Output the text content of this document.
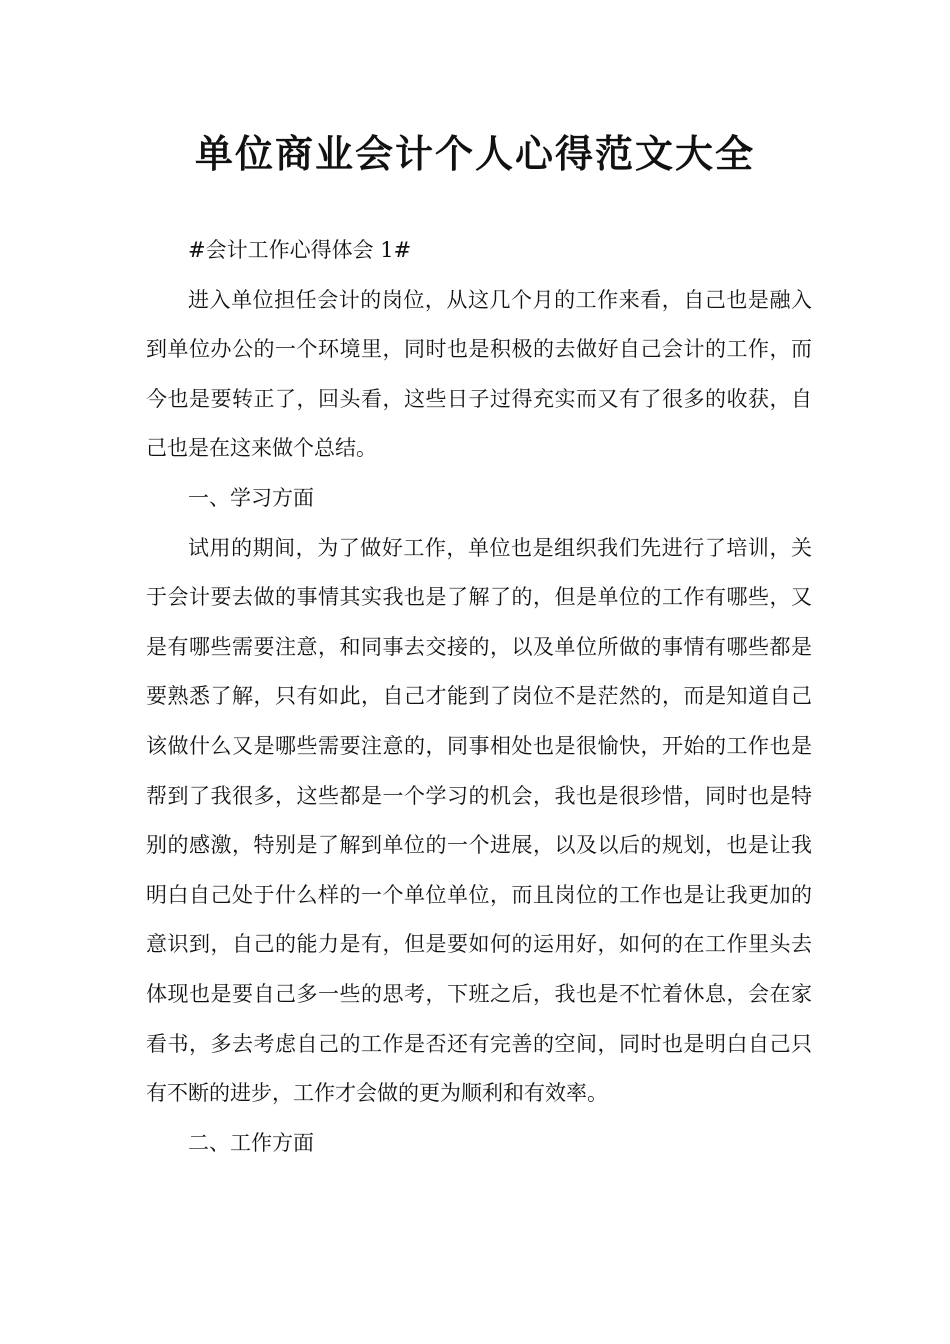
单位商业会计个人心得范文大全

#会计工作心得体会 1#

进入单位担任会计的岗位，从这几个月的工作来看，自己也是融入到单位办公的一个环境里，同时也是积极的去做好自己会计的工作，而今也是要转正了，回头看，这些日子过得充实而又有了很多的收获，自己也是在这来做个总结。

一、学习方面

试用的期间，为了做好工作，单位也是组织我们先进行了培训，关于会计要去做的事情其实我也是了解了的，但是单位的工作有哪些，又是有哪些需要注意，和同事去交接的，以及单位所做的事情有哪些都是要熟悉了解，只有如此，自己才能到了岗位不是茫然的，而是知道自己该做什么又是哪些需要注意的，同事相处也是很愉快，开始的工作也是帮到了我很多，这些都是一个学习的机会，我也是很珍惜，同时也是特别的感激，特别是了解到单位的一个进展，以及以后的规划，也是让我明白自己处于什么样的一个单位单位，而且岗位的工作也是让我更加的意识到，自己的能力是有，但是要如何的运用好，如何的在工作里头去体现也是要自己多一些的思考，下班之后，我也是不忙着休息，会在家看书，多去考虑自己的工作是否还有完善的空间，同时也是明白自己只有不断的进步，工作才会做的更为顺利和有效率。

二、工作方面
